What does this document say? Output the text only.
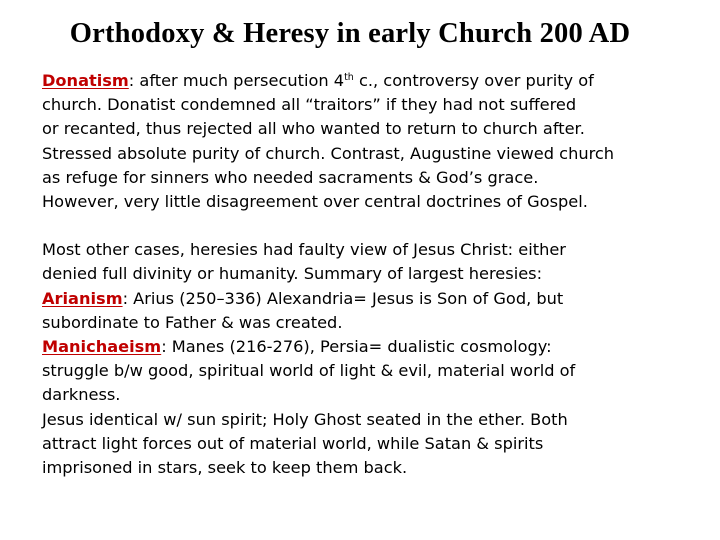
Orthodoxy & Heresy in early Church 200 AD
Donatism: after much persecution 4th c., controversy over purity of
church. Donatist condemned all “traitors” if they had not suffered
or recanted, thus rejected all who wanted to return to church after.
Stressed absolute purity of church. Contrast, Augustine viewed church
as refuge for sinners who needed sacraments & God’s grace.
However, very little disagreement over central doctrines of Gospel.
Most other cases, heresies had faulty view of Jesus Christ: either
denied full divinity or humanity. Summary of largest heresies:
Arianism: Arius (250–336) Alexandria= Jesus is Son of God, but
subordinate to Father & was created.
Manichaeism: Manes (216-276), Persia= dualistic cosmology:
struggle b/w good, spiritual world of light & evil, material world of
darkness.
Jesus identical w/ sun spirit; Holy Ghost seated in the ether. Both
attract light forces out of material world, while Satan & spirits
imprisoned in stars, seek to keep them back.
